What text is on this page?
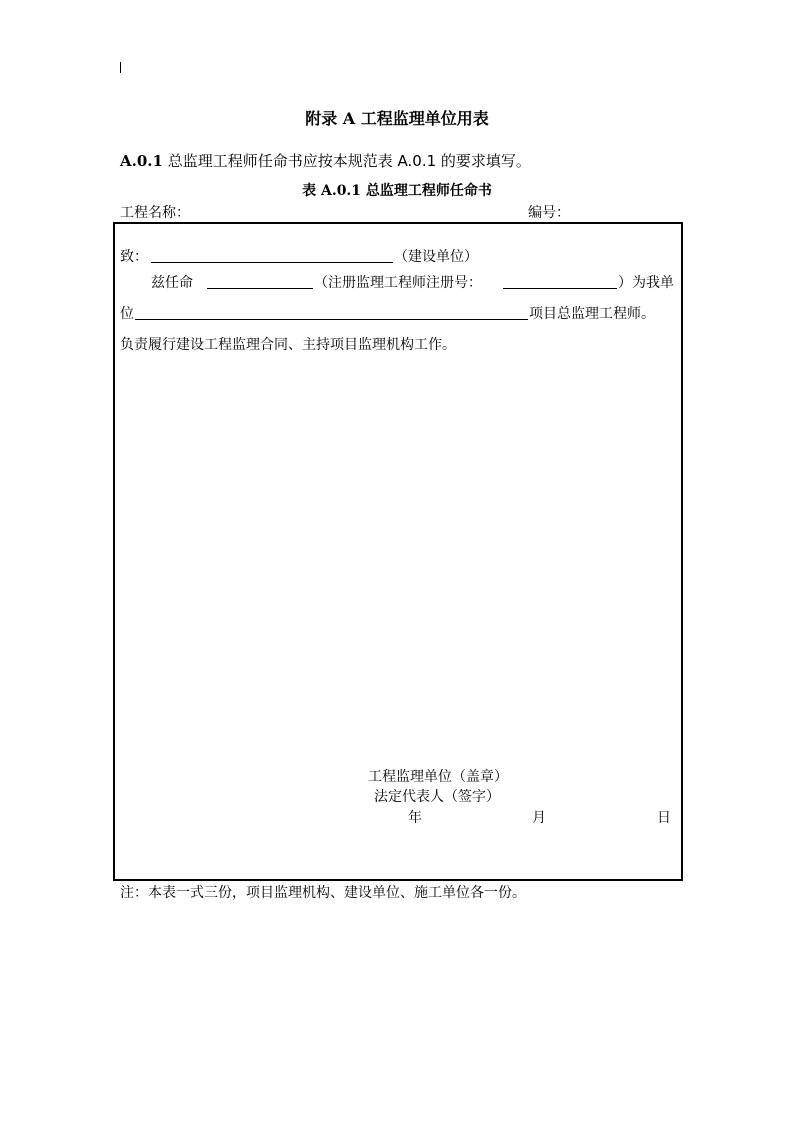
附录 A 工程监理单位用表
A.0.1 总监理工程师任命书应按本规范表 A.0.1 的要求填写。
表 A.0.1 总监理工程师任命书
工程名称：	编号：
致：	（建设单位）
兹任命	（注册监理工程师注册号：	）为我单
位	项目总监理工程师。
负责履行建设工程监理合同、主持项目监理机构工作。
工程监理单位（盖章）
法定代表人（签字）
年	月	日
注：本表一式三份，项目监理机构、建设单位、施工单位各一份。
